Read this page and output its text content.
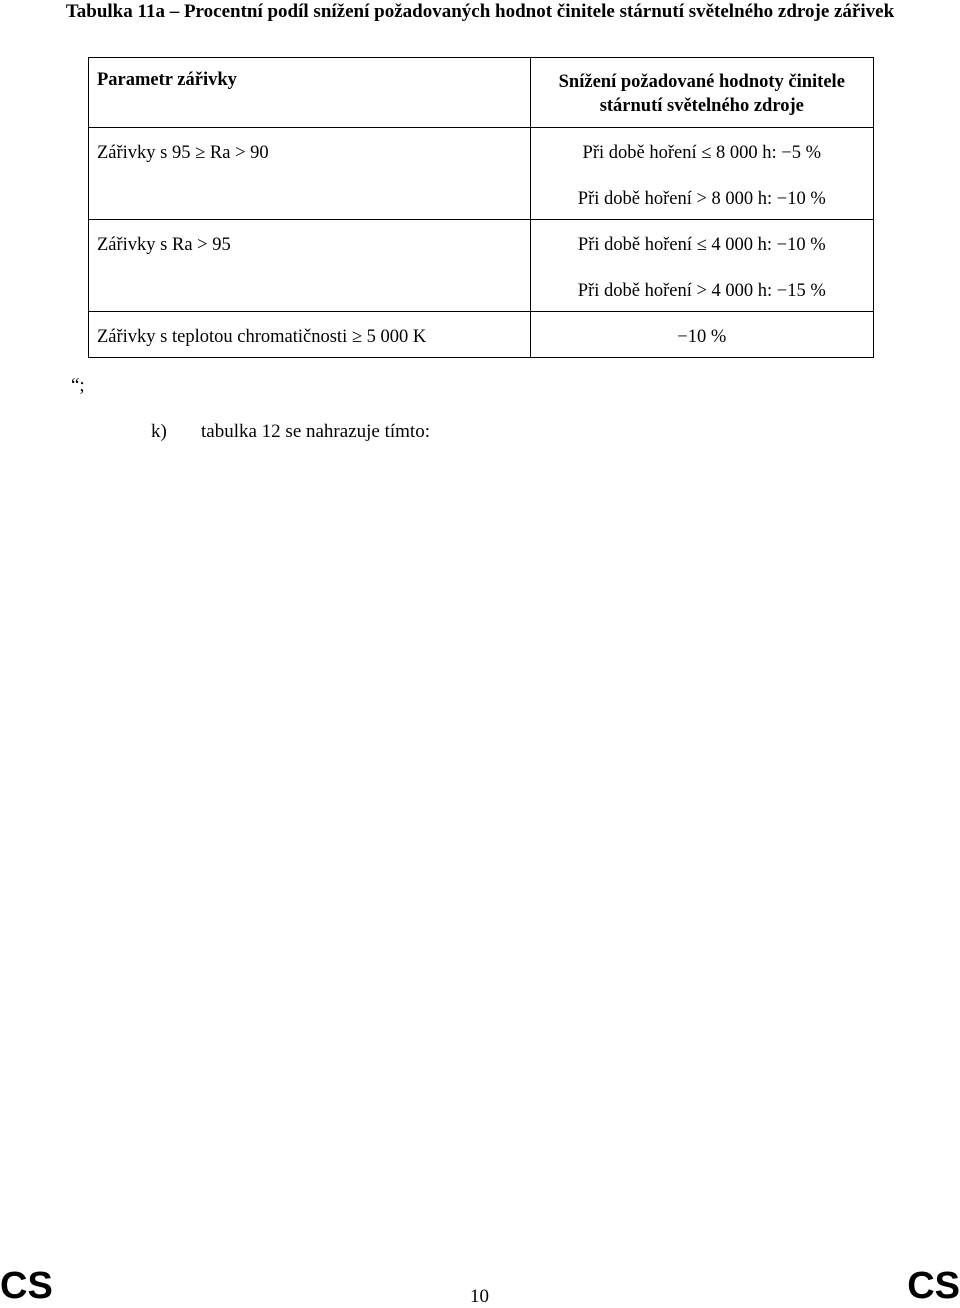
Tabulka 11a – Procentní podíl snížení požadovaných hodnot činitele stárnutí světelného zdroje zářivek
Parametr zářivky	Snížení požadované hodnoty činitele stárnutí světelného zdroje
Zářivky s 95 ≥ Ra > 90	Při době hoření ≤ 8 000 h: −5 %
	Při době hoření > 8 000 h: −10 %
Zářivky s Ra > 95	Při době hoření ≤ 4 000 h: −10 %
	Při době hoření > 4 000 h: −15 %
Zářivky s teplotou chromatičnosti ≥ 5 000 K	−10 %
“;
k) tabulka 12 se nahrazuje tímto:
CS	10	CS
